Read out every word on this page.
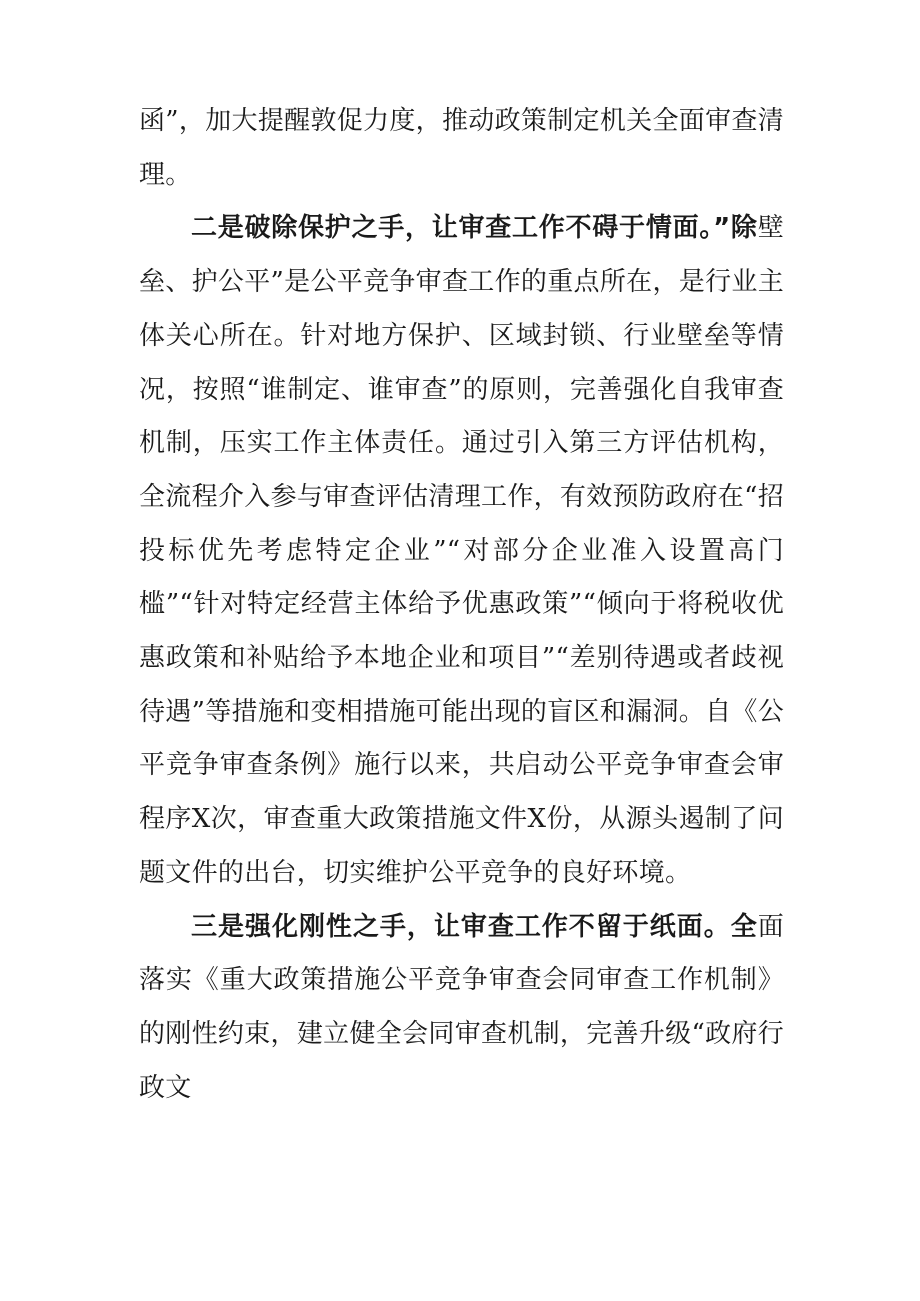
函”，加大提醒敦促力度，推动政策制定机关全面审查清理。

二是破除保护之手，让审查工作不碍于情面。”除壁垒、护公平”是公平竞争审查工作的重点所在，是行业主体关心所在。针对地方保护、区域封锁、行业壁垒等情况，按照“谁制定、谁审查”的原则，完善强化自我审查机制，压实工作主体责任。通过引入第三方评估机构，全流程介入参与审查评估清理工作，有效预防政府在“招投标优先考虑特定企业”“对部分企业准入设置高门槛”“针对特定经营主体给予优惠政策”“倾向于将税收优惠政策和补贴给予本地企业和项目”“差别待遇或者歧视待遇”等措施和变相措施可能出现的盲区和漏洞。自《公平竞争审查条例》施行以来，共启动公平竞争审查会审程序X次，审查重大政策措施文件X份，从源头遏制了问题文件的出台，切实维护公平竞争的良好环境。

三是强化刚性之手，让审查工作不留于纸面。全面落实《重大政策措施公平竞争审查会同审查工作机制》的刚性约束，建立健全会同审查机制，完善升级“政府行政文
